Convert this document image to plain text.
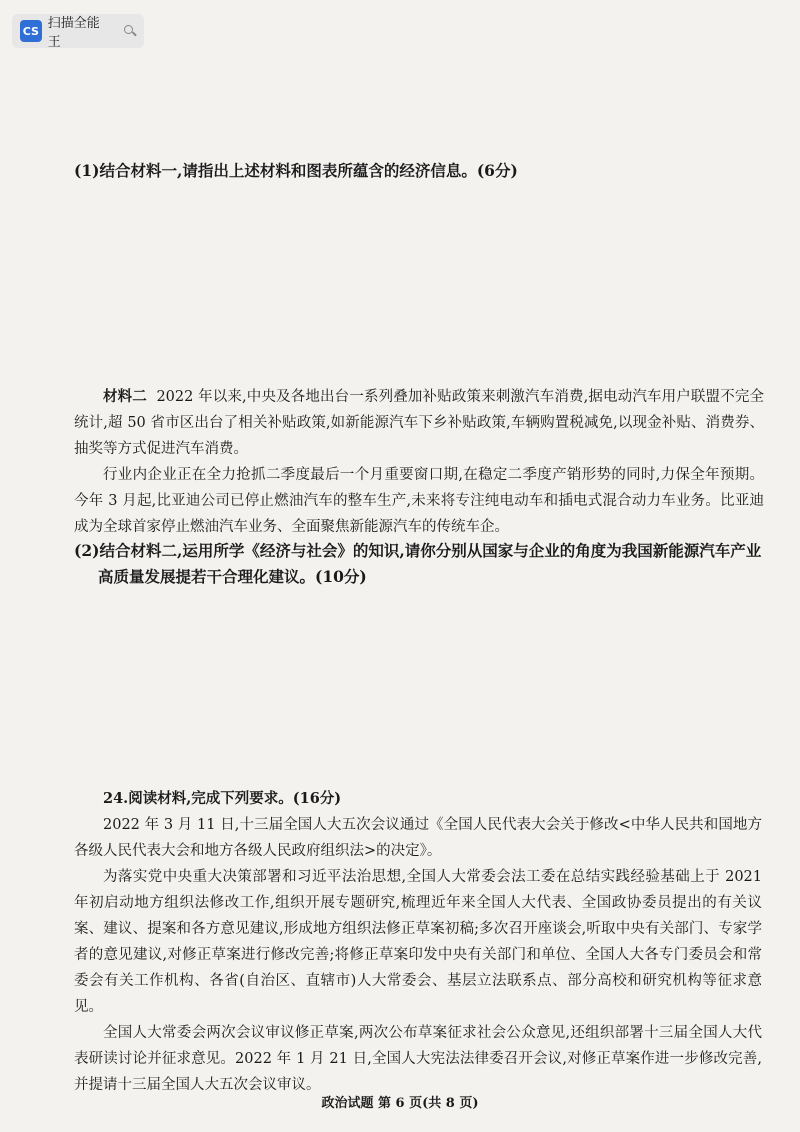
CS 扫描全能王
(1)结合材料一,请指出上述材料和图表所蕴含的经济信息。(6分)

材料二 2022 年以来,中央及各地出台一系列叠加补贴政策来刺激汽车消费,据电动汽车用户联盟不完全统计,超 50 省市区出台了相关补贴政策,如新能源汽车下乡补贴政策,车辆购置税减免,以现金补贴、消费券、抽奖等方式促进汽车消费。

行业内企业正在全力抢抓二季度最后一个月重要窗口期,在稳定二季度产销形势的同时,力保全年预期。今年 3 月起,比亚迪公司已停止燃油汽车的整车生产,未来将专注纯电动车和插电式混合动力车业务。比亚迪成为全球首家停止燃油汽车业务、全面聚焦新能源汽车的传统车企。

(2)结合材料二,运用所学《经济与社会》的知识,请你分别从国家与企业的角度为我国新能源汽车产业
高质量发展提若干合理化建议。(10分)

24.阅读材料,完成下列要求。(16分)

2022 年 3 月 11 日,十三届全国人大五次会议通过《全国人民代表大会关于修改<中华人民共和国地方各级人民代表大会和地方各级人民政府组织法>的决定》。

为落实党中央重大决策部署和习近平法治思想,全国人大常委会法工委在总结实践经验基础上于 2021 年初启动地方组织法修改工作,组织开展专题研究,梳理近年来全国人大代表、全国政协委员提出的有关议案、建议、提案和各方意见建议,形成地方组织法修正草案初稿;多次召开座谈会,听取中央有关部门、专家学者的意见建议,对修正草案进行修改完善;将修正草案印发中央有关部门和单位、全国人大各专门委员会和常委会有关工作机构、各省(自治区、直辖市)人大常委会、基层立法联系点、部分高校和研究机构等征求意见。

全国人大常委会两次会议审议修正草案,两次公布草案征求社会公众意见,还组织部署十三届全国人大代表研读讨论并征求意见。2022 年 1 月 21 日,全国人大宪法法律委召开会议,对修正草案作进一步修改完善,并提请十三届全国人大五次会议审议。

政治试题 第 6 页(共 8 页)
